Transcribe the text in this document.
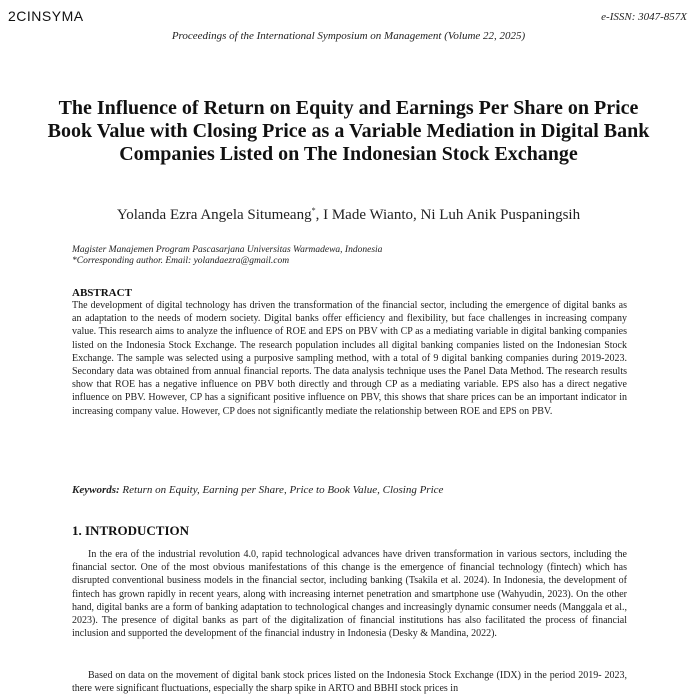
2CINSYMA	e-ISSN: 3047-857X
Proceedings of the International Symposium on Management (Volume 22, 2025)
The Influence of Return on Equity and Earnings Per Share on Price Book Value with Closing Price as a Variable Mediation in Digital Bank Companies Listed on The Indonesian Stock Exchange
Yolanda Ezra Angela Situmeang*, I Made Wianto, Ni Luh Anik Puspaningsih
Magister Manajemen Program Pascasarjana Universitas Warmadewa, Indonesia
*Corresponding author. Email: yolandaezra@gmail.com
ABSTRACT
The development of digital technology has driven the transformation of the financial sector, including the emergence of digital banks as an adaptation to the needs of modern society. Digital banks offer efficiency and flexibility, but face challenges in increasing company value. This research aims to analyze the influence of ROE and EPS on PBV with CP as a mediating variable in digital banking companies listed on the Indonesia Stock Exchange. The research population includes all digital banking companies listed on the Indonesian Stock Exchange. The sample was selected using a purposive sampling method, with a total of 9 digital banking companies during 2019-2023. Secondary data was obtained from annual financial reports. The data analysis technique uses the Panel Data Method. The research results show that ROE has a negative influence on PBV both directly and through CP as a mediating variable. EPS also has a direct negative influence on PBV. However, CP has a significant positive influence on PBV, this shows that share prices can be an important indicator in increasing company value. However, CP does not significantly mediate the relationship between ROE and EPS on PBV.
Keywords: Return on Equity, Earning per Share, Price to Book Value, Closing Price
1. INTRODUCTION
In the era of the industrial revolution 4.0, rapid technological advances have driven transformation in various sectors, including the financial sector. One of the most obvious manifestations of this change is the emergence of financial technology (fintech) which has disrupted conventional business models in the financial sector, including banking (Tsakila et al. 2024). In Indonesia, the development of fintech has grown rapidly in recent years, along with increasing internet penetration and smartphone use (Wahyudin, 2023). On the other hand, digital banks are a form of banking adaptation to technological changes and increasingly dynamic consumer needs (Manggala et al., 2023). The presence of digital banks as part of the digitalization of financial institutions has also facilitated the process of financial inclusion and supported the development of the financial industry in Indonesia (Desky & Mandina, 2022).
Based on data on the movement of digital bank stock prices listed on the Indonesia Stock Exchange (IDX) in the period 2019- 2023, there were significant fluctuations, especially the sharp spike in ARTO and BBHI stock prices in
